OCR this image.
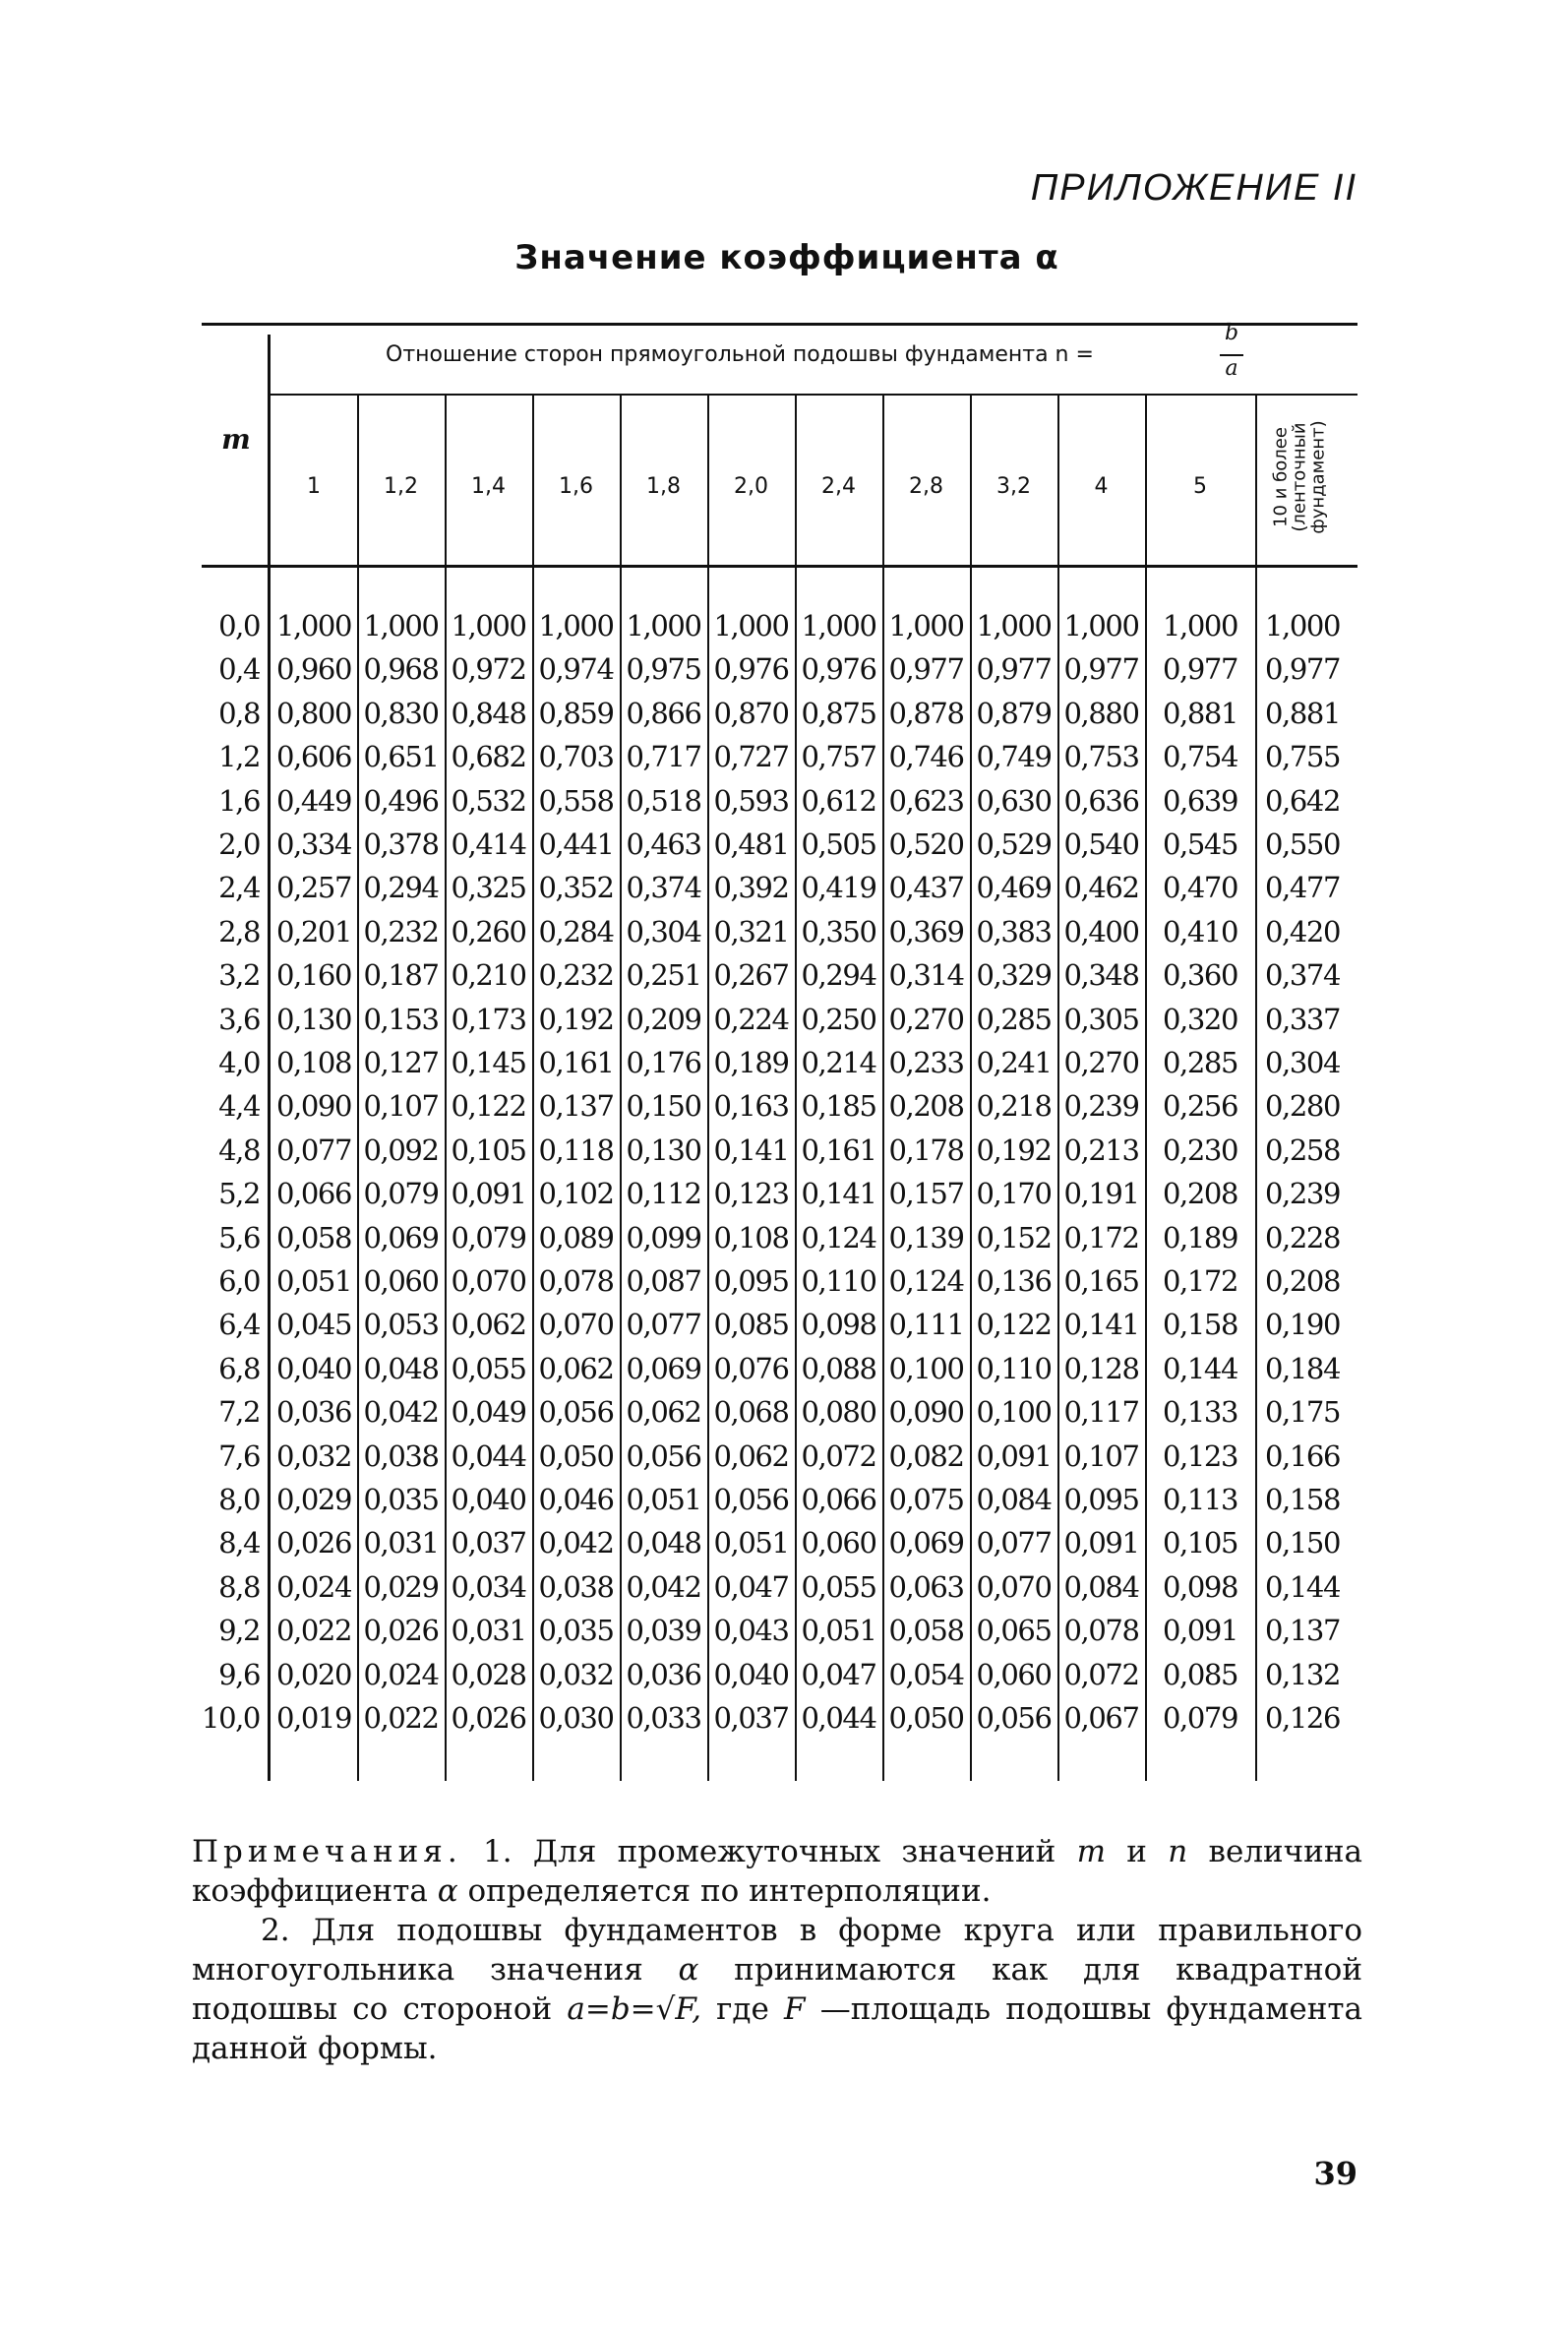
ПРИЛОЖЕНИЕ II
Значение коэффициента α
m
Отношение сторон прямоугольной подошвы фундамента n =
b
a
1	1,2	1,4	1,6	1,8	2,0	2,4	2,8	3,2	4	5	10 и более (ленточный фундамент)
0,0 1,000 1,000 1,000 1,000 1,000 1,000 1,000 1,000 1,000 1,000 1,000 1,000
0,4 0,960 0,968 0,972 0,974 0,975 0,976 0,976 0,977 0,977 0,977 0,977 0,977
0,8 0,800 0,830 0,848 0,859 0,866 0,870 0,875 0,878 0,879 0,880 0,881 0,881
1,2 0,606 0,651 0,682 0,703 0,717 0,727 0,757 0,746 0,749 0,753 0,754 0,755
1,6 0,449 0,496 0,532 0,558 0,518 0,593 0,612 0,623 0,630 0,636 0,639 0,642
2,0 0,334 0,378 0,414 0,441 0,463 0,481 0,505 0,520 0,529 0,540 0,545 0,550
2,4 0,257 0,294 0,325 0,352 0,374 0,392 0,419 0,437 0,469 0,462 0,470 0,477
2,8 0,201 0,232 0,260 0,284 0,304 0,321 0,350 0,369 0,383 0,400 0,410 0,420
3,2 0,160 0,187 0,210 0,232 0,251 0,267 0,294 0,314 0,329 0,348 0,360 0,374
3,6 0,130 0,153 0,173 0,192 0,209 0,224 0,250 0,270 0,285 0,305 0,320 0,337
4,0 0,108 0,127 0,145 0,161 0,176 0,189 0,214 0,233 0,241 0,270 0,285 0,304
4,4 0,090 0,107 0,122 0,137 0,150 0,163 0,185 0,208 0,218 0,239 0,256 0,280
4,8 0,077 0,092 0,105 0,118 0,130 0,141 0,161 0,178 0,192 0,213 0,230 0,258
5,2 0,066 0,079 0,091 0,102 0,112 0,123 0,141 0,157 0,170 0,191 0,208 0,239
5,6 0,058 0,069 0,079 0,089 0,099 0,108 0,124 0,139 0,152 0,172 0,189 0,228
6,0 0,051 0,060 0,070 0,078 0,087 0,095 0,110 0,124 0,136 0,165 0,172 0,208
6,4 0,045 0,053 0,062 0,070 0,077 0,085 0,098 0,111 0,122 0,141 0,158 0,190
6,8 0,040 0,048 0,055 0,062 0,069 0,076 0,088 0,100 0,110 0,128 0,144 0,184
7,2 0,036 0,042 0,049 0,056 0,062 0,068 0,080 0,090 0,100 0,117 0,133 0,175
7,6 0,032 0,038 0,044 0,050 0,056 0,062 0,072 0,082 0,091 0,107 0,123 0,166
8,0 0,029 0,035 0,040 0,046 0,051 0,056 0,066 0,075 0,084 0,095 0,113 0,158
8,4 0,026 0,031 0,037 0,042 0,048 0,051 0,060 0,069 0,077 0,091 0,105 0,150
8,8 0,024 0,029 0,034 0,038 0,042 0,047 0,055 0,063 0,070 0,084 0,098 0,144
9,2 0,022 0,026 0,031 0,035 0,039 0,043 0,051 0,058 0,065 0,078 0,091 0,137
9,6 0,020 0,024 0,028 0,032 0,036 0,040 0,047 0,054 0,060 0,072 0,085 0,132
10,0 0,019 0,022 0,026 0,030 0,033 0,037 0,044 0,050 0,056 0,067 0,079 0,126

Примечания. 1. Для промежуточных значений m и n величина коэффициента α определяется по интерполяции.

2. Для подошвы фундаментов в форме круга или правильного многоугольника значения α принимаются как для квадратной подошвы со стороной a=b=√F, где F —площадь подошвы фундамента данной формы.

39
